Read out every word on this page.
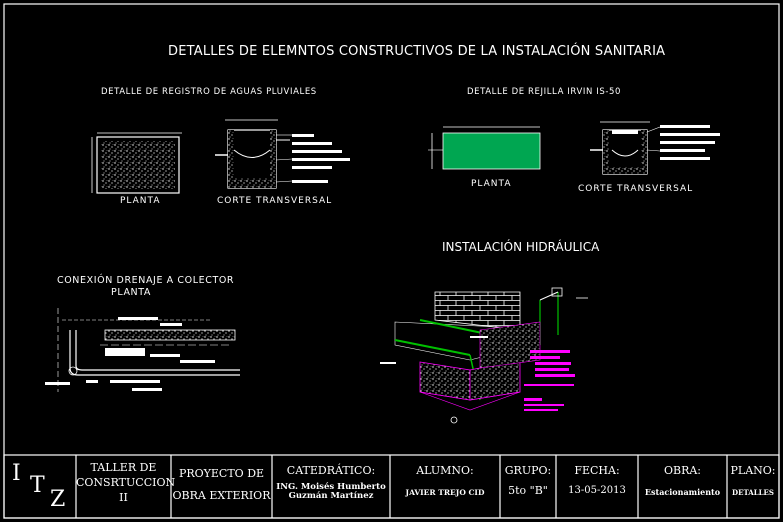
DETALLES DE ELEMNTOS CONSTRUCTIVOS DE LA INSTALACIÓN SANITARIA
DETALLE DE REGISTRO DE AGUAS PLUVIALES
PLANTA	CORTE TRANSVERSAL
DETALLE DE REJILLA IRVIN IS-50
PLANTA	CORTE TRANSVERSAL
INSTALACIÓN HIDRÁULICA
CONEXIÓN DRENAJE A COLECTOR
PLANTA
I T
Z
TALLER DE
CONSRTUCCION
II
PROYECTO DE
OBRA EXTERIOR
CATEDRÁTICO:
ING. Moisés Humberto
Guzmán Martínez
ALUMNO:
JAVIER TREJO CID
GRUPO:
5to "B"
FECHA:
13-05-2013
OBRA:
Estacionamiento
PLANO:
DETALLES
